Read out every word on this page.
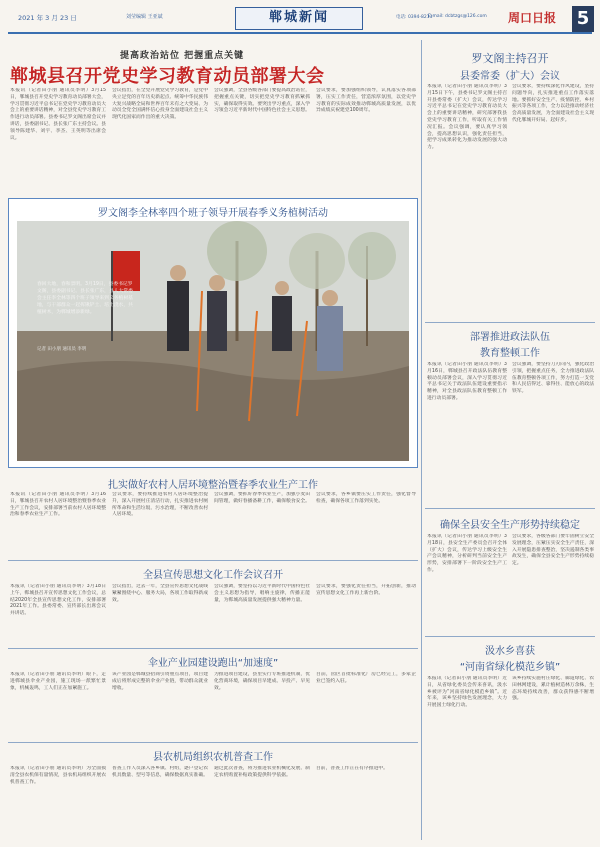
2021 年 3 月 23 日	刘莹编辑 王亚斌	郸城新闻	电话: 0394-8213
E-mail: dcbtzgs@126.com 周口日报 5
提高政治站位 把握重点关键
郸城县召开党史学习教育动员部署大会
本报讯（记者田小朋 通讯员李明）3月15日，郸城县召开党史学习教育动员部署大会，学习贯彻习近平总书记在党史学习教育动员大会上的重要讲话精神，对全县党史学习教育工作进行动员部署。县委书记罗文阁出席会议并讲话，县委副书记、县长张广东主持会议。县领导陈建华、刘宇、李杰、王英明等出席会议。
会议指出，在全党开展党史学习教育，是党中央立足党的百年历史新起点、统筹中华民族伟大复兴战略全局和世界百年未有之大变局、为动员全党全国满怀信心投身全面建设社会主义现代化国家而作出的重大决策。
会议强调，全县各级各部门要提高政治站位，把握重点关键，切实把党史学习教育抓紧抓实，确保取得实效。要突出学习重点，深入学习领会习近平新时代中国特色社会主义思想。
会议要求，要加强组织领导，认真落实各项部署，压实工作责任，营造浓厚氛围，以党史学习教育的实际成效推动郸城高质量发展，以优异成绩庆祝建党100周年。
罗文阁主持召开
县委常委（扩大）会议
本报讯（记者田小朋 通讯员李明）3月15日下午，县委书记罗文阁主持召开县委常委（扩大）会议，传达学习习近平总书记在党史学习教育动员大会上的重要讲话精神，研究部署我县党史学习教育工作，听取有关工作情况汇报。会议强调，要认真学习领会，提高思想认识，强化责任担当，把学习成果转化为推动发展的强大动力。
会议要求，要持续深化作风建设，坚持问题导向，扎实推进重点工作落实落地。要抓好安全生产、疫情防控、乡村振兴等各项工作，全力以赴推动经济社会高质量发展，为全面建设社会主义现代化郸城开好局、起好步。
罗文阁李全林率四个班子领导开展春季义务植树活动
春回大地，春和景明。3月19日，县委书记罗文阁，县委副书记、县长张广东，县人大常委会主任李全林等四个班子领导来到义务植树基地，与干部群众一起挥锹铲土、培土浇水，共植树木，为郸城增添新绿。
记者 田小朋 通讯员 李明
部署推进政法队伍
教育整顿工作
本报讯（记者田小朋 通讯员李明）3月16日，郸城县召开政法队伍教育整顿动员部署会议，深入学习贯彻习近平总书记关于政法队伍建设重要指示精神，对全县政法队伍教育整顿工作进行动员部署。
会议强调，要坚持刀刃向内，强化政治引领，把握重点任务，全力推进政法队伍教育整顿各项工作，努力打造一支党和人民信得过、靠得住、能放心的政法铁军。
确保全县安全生产形势持续稳定
本报讯（记者田小朋 通讯员李明）3月18日，县安全生产委员会召开全体（扩大）会议，传达学习上级安全生产会议精神，分析研判当前安全生产形势，安排部署下一阶段安全生产工作。
会议要求，各级各部门要牢固树立安全发展理念，压紧压实安全生产责任，深入开展隐患排查整治，坚决遏制各类事故发生，确保全县安全生产形势持续稳定。
汲水乡喜获
“河南省绿化模范乡镇”
本报讯（记者田小朋 通讯员李明）近日，从省绿化委员会传来喜讯，汲水乡被评为“河南省绿化模范乡镇”。近年来，该乡坚持绿色发展理念，大力开展国土绿化行动。
该乡持续实施村庄绿化、廊道绿化、农田林网建设，累计植树造林万余株，生态环境持续改善，群众获得感不断增强。
扎实做好农村人居环境整治暨春季农业生产工作
本报讯（记者田小朋 通讯员李明）3月16日，郸城县召开农村人居环境整治暨春季农业生产工作会议，安排部署当前农村人居环境整治和春季农业生产工作。
会议要求，要持续推进农村人居环境整治提升，深入开展村庄清洁行动，扎实推进农村厕所革命和生活垃圾、污水治理，不断改善农村人居环境。
会议强调，要抓好春季农业生产，加强小麦田间管理，做好春播备耕工作，确保粮食安全。
会议要求，各乡镇要压实工作责任，强化督导检查，确保各项工作落到实处。
全县宣传思想文化工作会议召开
本报讯（记者田小朋 通讯员李明）3月18日上午，郸城县召开宣传思想文化工作会议，总结2020年全县宣传思想文化工作，安排部署2021年工作。县委常委、宣传部长出席会议并讲话。
会议指出，过去一年，全县宣传思想文化战线紧紧围绕中心、服务大局，各项工作取得新成效。
会议强调，要坚持以习近平新时代中国特色社会主义思想为指导，唱响主旋律，传播正能量，为郸城高质量发展提供强大精神力量。
会议要求，要强化责任担当，开拓创新，推动宣传思想文化工作再上新台阶。
伞业产业园建设跑出“加速度”
本报讯（记者田小朋 通讯员李明）眼下，走进郸城县伞业产业园，施工现场一派繁忙景象，机械轰鸣，工人们正在加紧施工。
该产业园是郸城县招商引资重点项目，项目建成后将形成完整的伞业产业链，带动群众就业增收。
为推进项目建设，县里实行专班推进机制，优化营商环境，确保项目早建成、早投产、早见效。
目前，园区首批标准化厂房已经完工，多家企业已签约入驻。
县农机局组织农机普查工作
本报讯（记者田小朋 通讯员李明）为全面摸清全县农机保有量情况，县农机局组织开展农机普查工作。
普查工作人员深入各乡镇、村组，逐户登记农机具数量、型号等信息，确保数据真实准确。
通过此次普查，将为推进农业机械化发展、制定农机购置补贴政策提供科学依据。
目前，普查工作正在有序推进中。
